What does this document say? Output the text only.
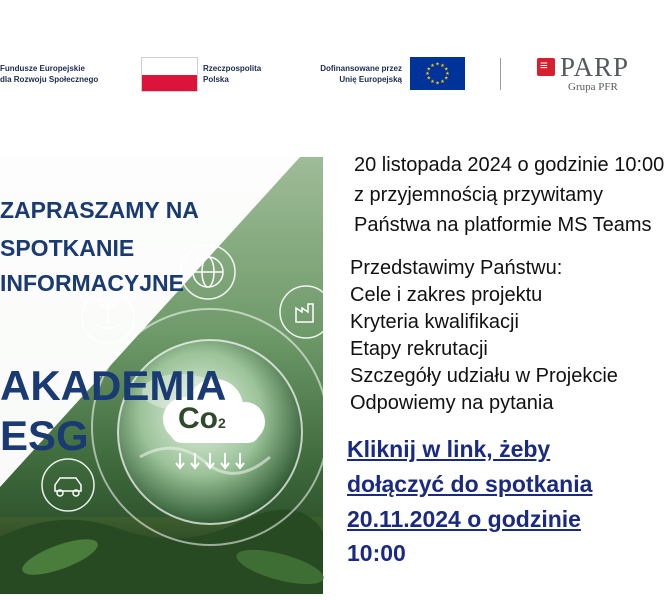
Fundusze Europejskie
dla Rozwoju Społecznego
Rzeczpospolita
Polska
Dofinansowane przez
Unię Europejską
★ ★
★
★
★
★
★
★
★
★
★
★	≡ PARP
Grupa PFR
ZAPRASZAMY NA
SPOTKANIE
INFORMACYJNE
AKADEMIA
ESG	Co2
20 listopada 2024 o godzinie 10:00
z przyjemnością przywitamy
Państwa na platformie MS Teams
Przedstawimy Państwu:
Cele i zakres projektu
Kryteria kwalifikacji
Etapy rekrutacji
Szczegóły udziału w Projekcie
Odpowiemy na pytania
Kliknij w link, żeby
dołączyć do spotkania
20.11.2024 o godzinie
10:00
